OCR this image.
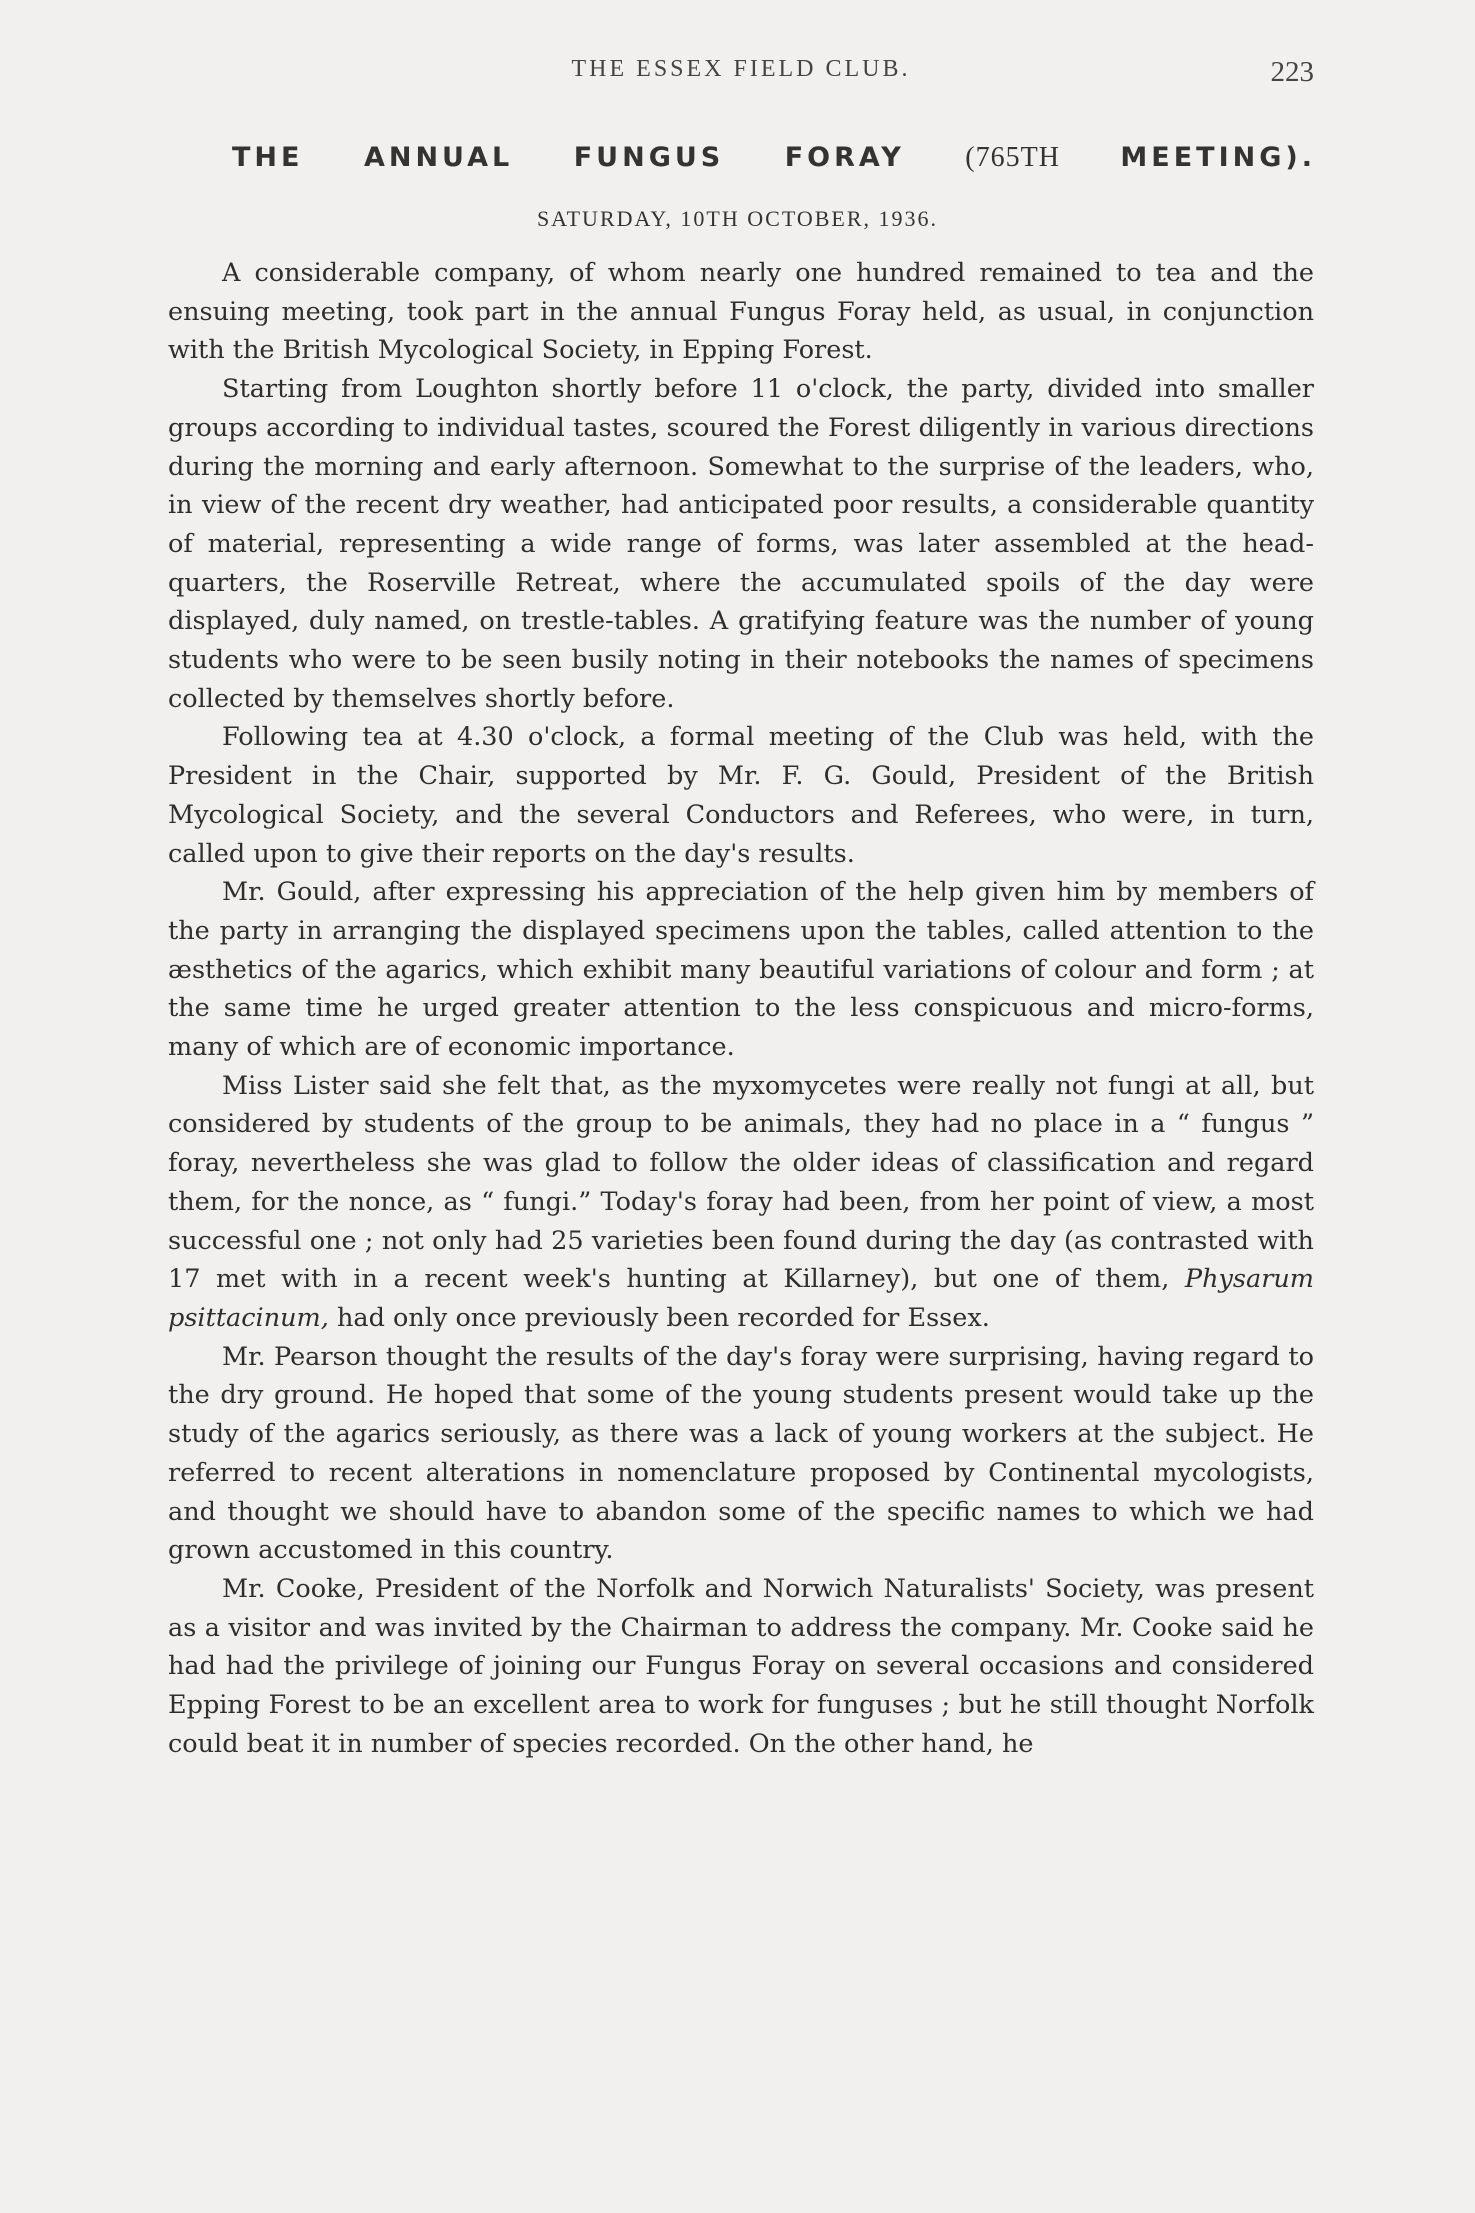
THE ESSEX FIELD CLUB.	223
THE ANNUAL FUNGUS FORAY (765TH MEETING).
SATURDAY, 10TH OCTOBER, 1936.

A considerable company, of whom nearly one hundred remained to tea and the ensuing meeting, took part in the annual Fungus Foray held, as usual, in conjunction with the British Mycological Society, in Epping Forest.

Starting from Loughton shortly before 11 o'clock, the party, divided into smaller groups according to individual tastes, scoured the Forest diligently in various directions during the morning and early afternoon. Somewhat to the surprise of the leaders, who, in view of the recent dry weather, had anticipated poor results, a considerable quantity of material, representing a wide range of forms, was later assembled at the head-quarters, the Roserville Retreat, where the accumulated spoils of the day were displayed, duly named, on trestle-tables. A gratifying feature was the number of young students who were to be seen busily noting in their notebooks the names of specimens collected by themselves shortly before.

Following tea at 4.30 o'clock, a formal meeting of the Club was held, with the President in the Chair, supported by Mr. F. G. Gould, President of the British Mycological Society, and the several Conductors and Referees, who were, in turn, called upon to give their reports on the day's results.

Mr. Gould, after expressing his appreciation of the help given him by members of the party in arranging the displayed specimens upon the tables, called attention to the æsthetics of the agarics, which exhibit many beautiful variations of colour and form ; at the same time he urged greater attention to the less conspicuous and micro-forms, many of which are of economic importance.

Miss Lister said she felt that, as the myxomycetes were really not fungi at all, but considered by students of the group to be animals, they had no place in a “ fungus ” foray, nevertheless she was glad to follow the older ideas of classification and regard them, for the nonce, as “ fungi.” Today's foray had been, from her point of view, a most successful one ; not only had 25 varieties been found during the day (as contrasted with 17 met with in a recent week's hunting at Killarney), but one of them, Physarum psittacinum, had only once previously been recorded for Essex.

Mr. Pearson thought the results of the day's foray were surprising, having regard to the dry ground. He hoped that some of the young students present would take up the study of the agarics seriously, as there was a lack of young workers at the subject. He referred to recent alterations in nomenclature proposed by Continental mycologists, and thought we should have to abandon some of the specific names to which we had grown accustomed in this country.

Mr. Cooke, President of the Norfolk and Norwich Naturalists' Society, was present as a visitor and was invited by the Chairman to address the company. Mr. Cooke said he had had the privilege of joining our Fungus Foray on several occasions and considered Epping Forest to be an excellent area to work for funguses ; but he still thought Norfolk could beat it in number of species recorded. On the other hand, he
